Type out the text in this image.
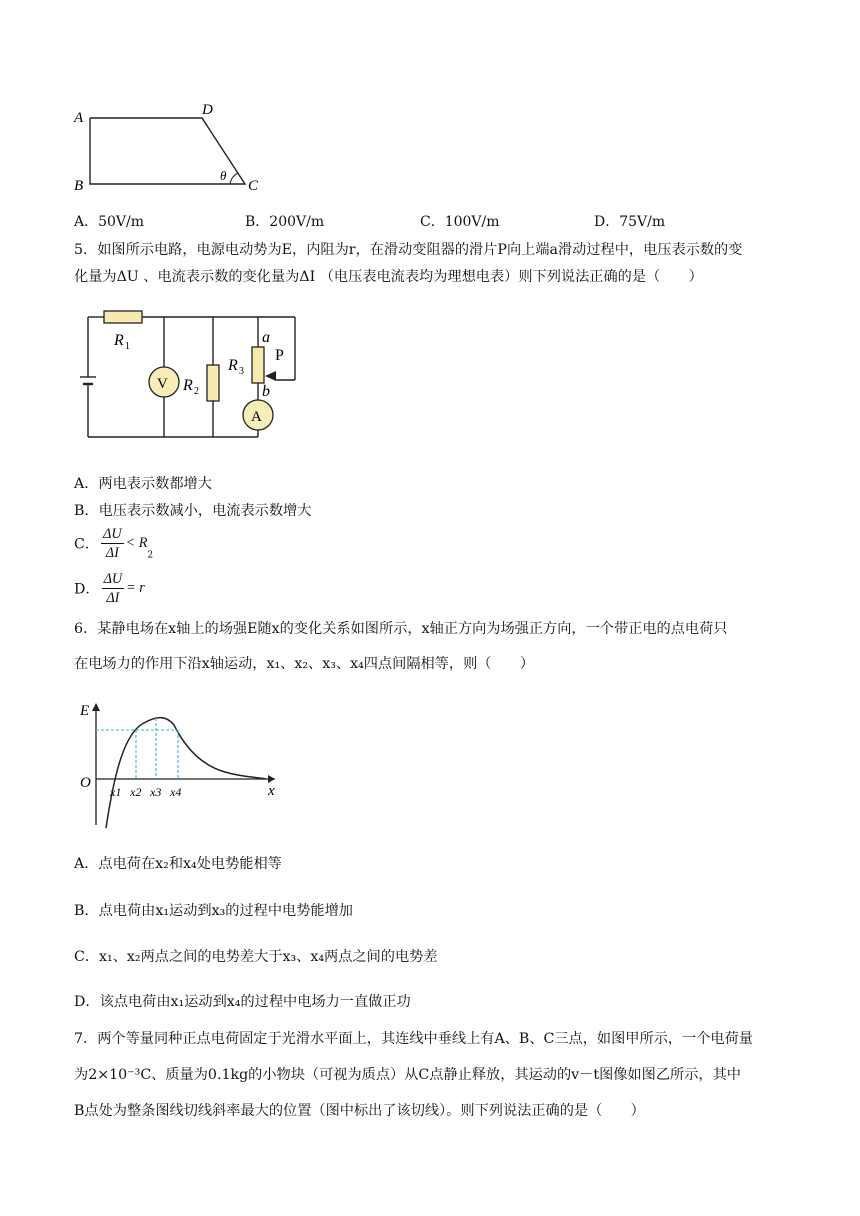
A	D
B	C
θ
A．50V/m	B．200V/m	C．100V/m	D．75V/m
5．如图所示电路，电源电动势为E，内阻为r，在滑动变阻器的滑片P向上端a滑动过程中，电压表示数的变
化量为ΔU 、电流表示数的变化量为ΔI （电压表电流表均为理想电表）则下列说法正确的是（　　）
V
A
R 1
R 2
R 3
a
P
b
A．两电表示数都增大
B．电压表示数减小，电流表示数增大
C． $\frac{\Delta U}{\Delta I} < R_2$
D． $\frac{\Delta U}{\Delta I} = r$
6．某静电场在x轴上的场强E随x的变化关系如图所示，x轴正方向为场强正方向，一个带正电的点电荷只
在电场力的作用下沿x轴运动，x₁、x₂、x₃、x₄四点间隔相等，则（　　）
E
O	x
x1 x2 x3 x4
A．点电荷在x₂和x₄处电势能相等
B．点电荷由x₁运动到x₃的过程中电势能增加
C．x₁、x₂两点之间的电势差大于x₃、x₄两点之间的电势差
D．该点电荷由x₁运动到x₄的过程中电场力一直做正功
7．两个等量同种正点电荷固定于光滑水平面上，其连线中垂线上有A、B、C三点，如图甲所示，一个电荷量
为2×10⁻³C、质量为0.1kg的小物块（可视为质点）从C点静止释放，其运动的v－t图像如图乙所示，其中
B点处为整条图线切线斜率最大的位置（图中标出了该切线）。则下列说法正确的是（　　）
